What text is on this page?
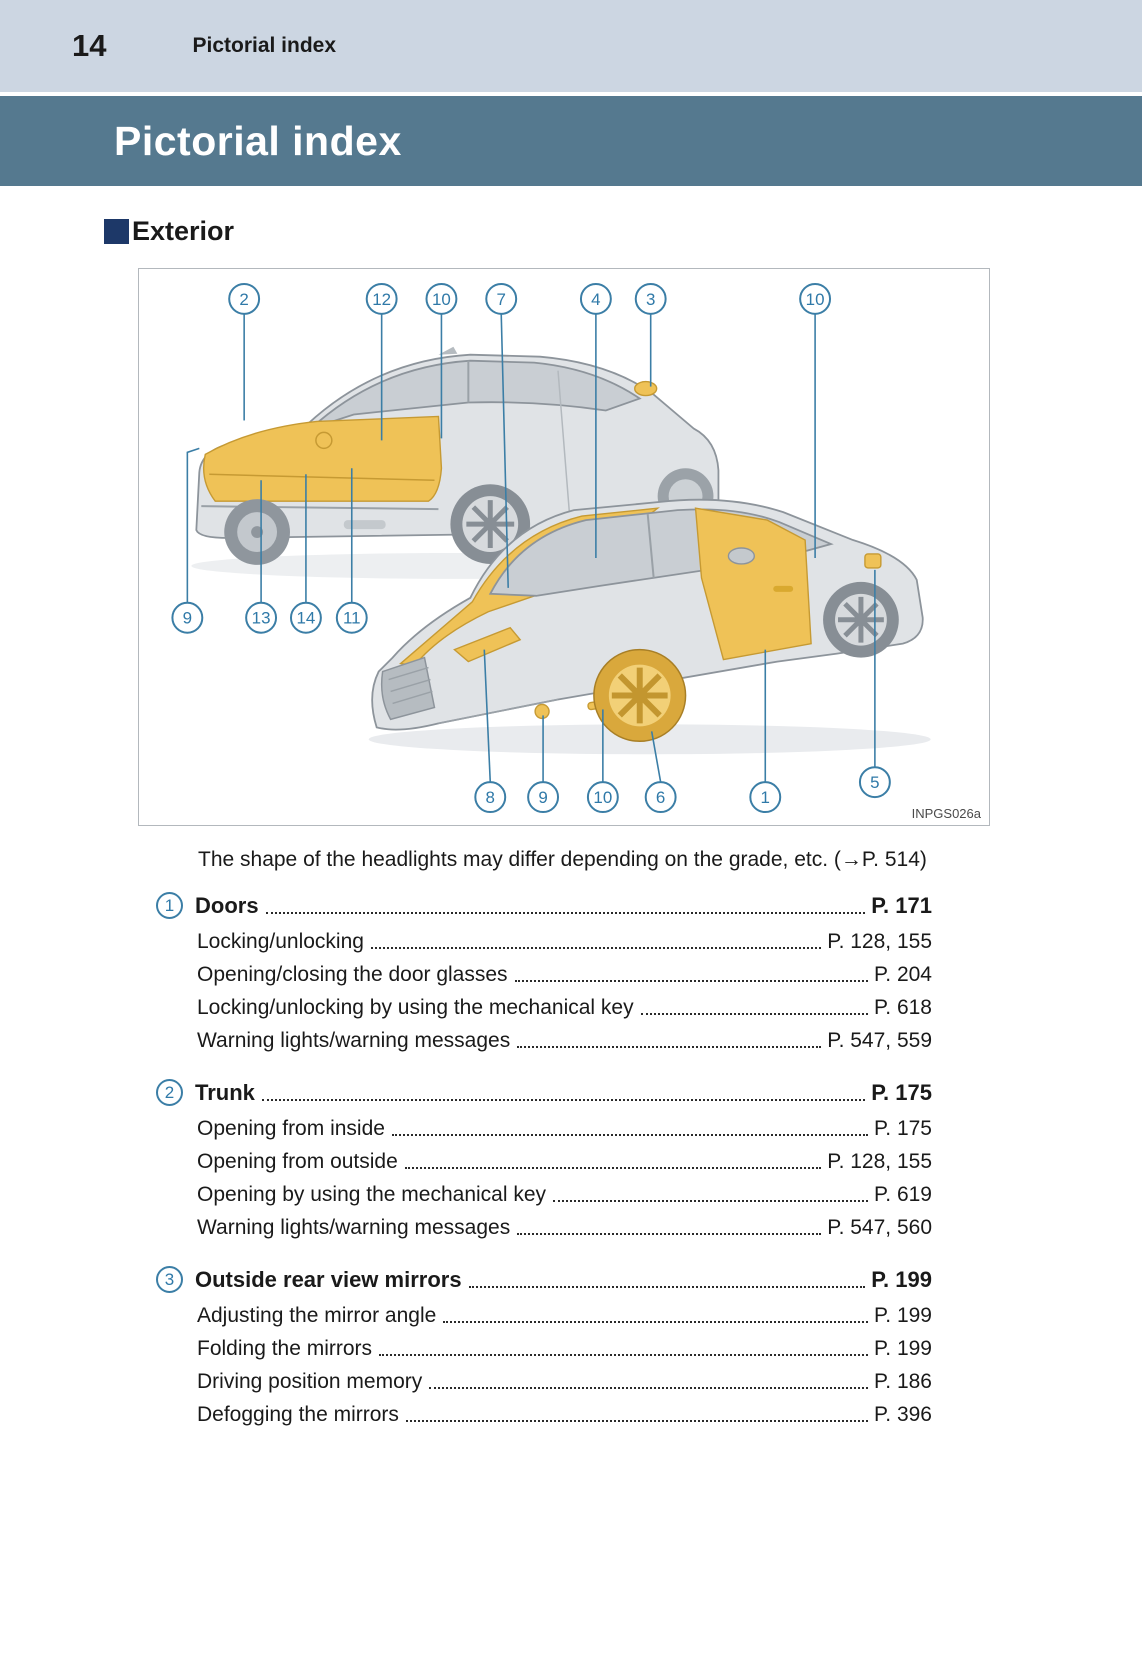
14	Pictorial index
Pictorial index
Exterior
2	12 10	7	4	3	10
9	13 14 11
8	9	10	6	1
5
INPGS026a

The shape of the headlights may differ depending on the grade, etc. (→P. 514)

1 Doors	P. 171
Locking/unlocking	P. 128, 155
Opening/closing the door glasses	P. 204
Locking/unlocking by using the mechanical key	P. 618
Warning lights/warning messages	P. 547, 559
2 Trunk	P. 175
Opening from inside	P. 175
Opening from outside	P. 128, 155
Opening by using the mechanical key	P. 619
Warning lights/warning messages	P. 547, 560
3 Outside rear view mirrors	P. 199
Adjusting the mirror angle	P. 199
Folding the mirrors	P. 199
Driving position memory	P. 186
Defogging the mirrors	P. 396
